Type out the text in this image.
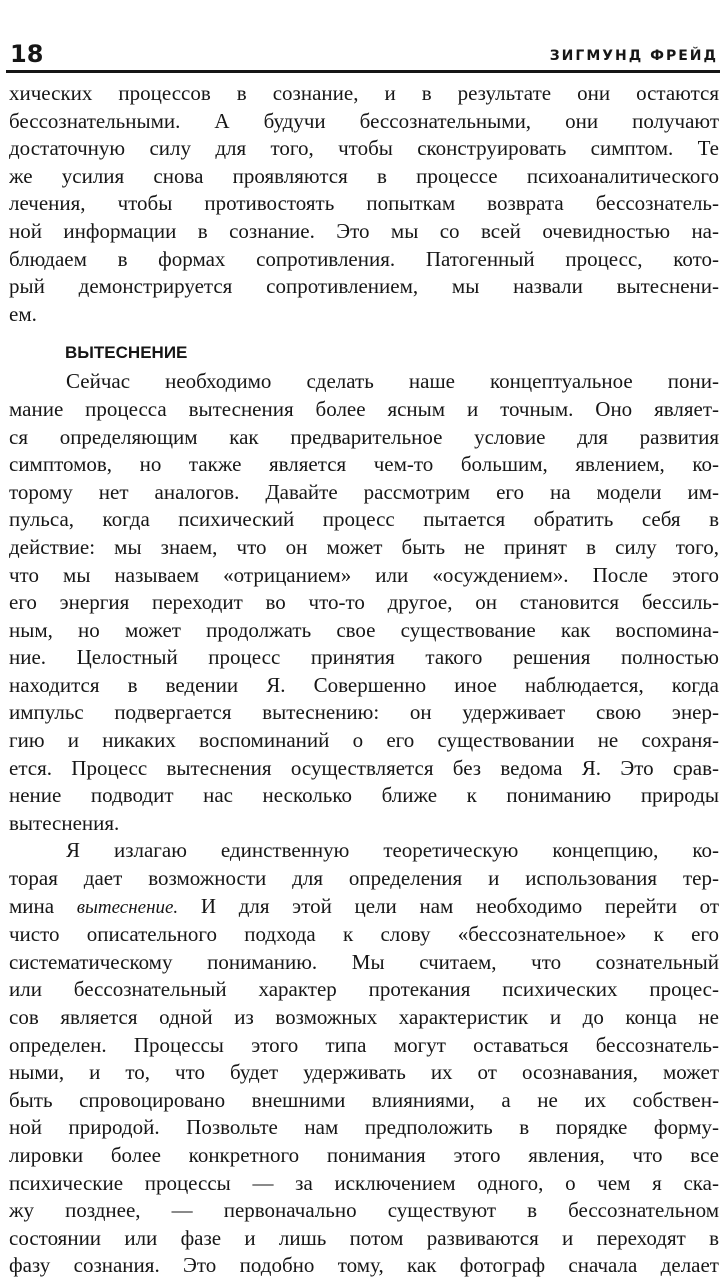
18	ЗИГМУНД ФРЕЙД
хических процессов в сознание, и в результате они остаются
бессознательными. А будучи бессознательными, они получают
достаточную силу для того, чтобы сконструировать симптом. Те
же усилия снова проявляются в процессе психоаналитического
лечения, чтобы противостоять попыткам возврата бессознатель-
ной информации в сознание. Это мы со всей очевидностью на-
блюдаем в формах сопротивления. Патогенный процесс, кото-
рый демонстрируется сопротивлением, мы назвали вытеснени-
ем.
ВЫТЕСНЕНИЕ
Сейчас необходимо сделать наше концептуальное пони-
мание процесса вытеснения более ясным и точным. Оно являет-
ся определяющим как предварительное условие для развития
симптомов, но также является чем-то большим, явлением, ко-
торому нет аналогов. Давайте рассмотрим его на модели им-
пульса, когда психический процесс пытается обратить себя в
действие: мы знаем, что он может быть не принят в силу того,
что мы называем «отрицанием» или «осуждением». После этого
его энергия переходит во что-то другое, он становится бессиль-
ным, но может продолжать свое существование как воспомина-
ние. Целостный процесс принятия такого решения полностью
находится в ведении Я. Совершенно иное наблюдается, когда
импульс подвергается вытеснению: он удерживает свою энер-
гию и никаких воспоминаний о его существовании не сохраня-
ется. Процесс вытеснения осуществляется без ведома Я. Это срав-
нение подводит нас несколько ближе к пониманию природы
вытеснения.
Я излагаю единственную теоретическую концепцию, ко-
торая дает возможности для определения и использования тер-
мина вытеснение. И для этой цели нам необходимо перейти от
чисто описательного подхода к слову «бессознательное» к его
систематическому пониманию. Мы считаем, что сознательный
или бессознательный характер протекания психических процес-
сов является одной из возможных характеристик и до конца не
определен. Процессы этого типа могут оставаться бессознатель-
ными, и то, что будет удерживать их от осознавания, может
быть спровоцировано внешними влияниями, а не их собствен-
ной природой. Позвольте нам предположить в порядке форму-
лировки более конкретного понимания этого явления, что все
психические процессы — за исключением одного, о чем я ска-
жу позднее, — первоначально существуют в бессознательном
состоянии или фазе и лишь потом развиваются и переходят в
фазу сознания. Это подобно тому, как фотограф сначала делает
